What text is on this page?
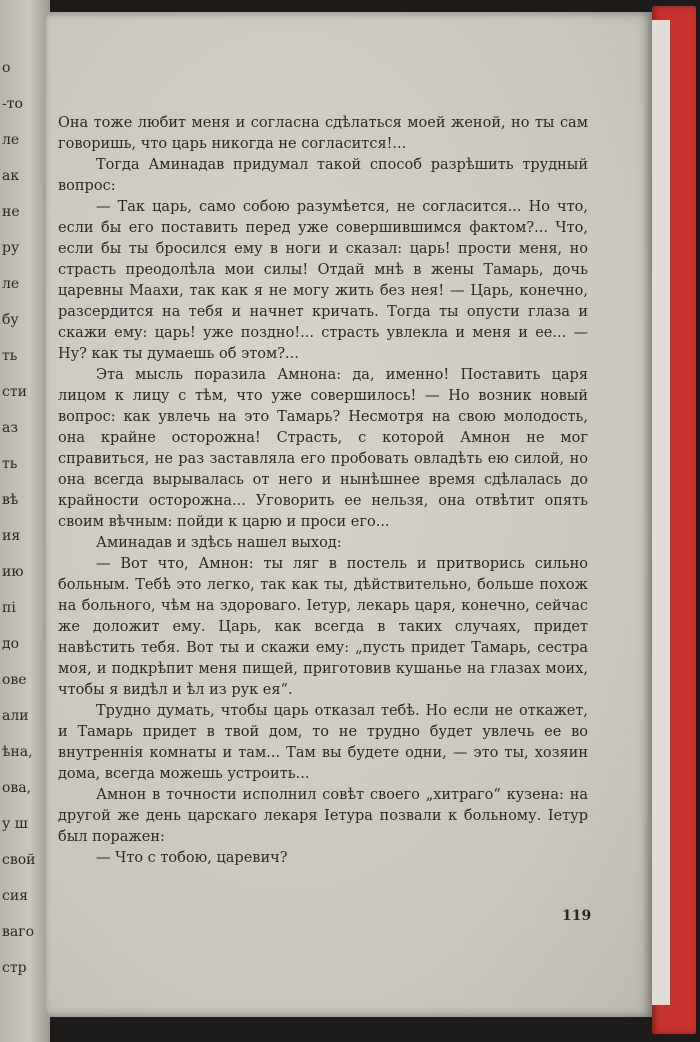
о
-то
ле
ак
не
ру
ле
бу
ть
сти
аз
ть
вѣ
ия
ию
пі
до
ове
али
ѣна,
ова,
у ш
свой
сия
ваго
стр

Она тоже любит меня и согласна сдѣлаться моей женой, но ты сам говоришь, что царь никогда не согласится!...

Тогда Аминадав придумал такой способ разрѣшить трудный вопрос:

— Так царь, само собою разумѣется, не согласится... Но что, если бы его поставить перед уже совершившимся фактом?... Что, если бы ты бросился ему в ноги и сказал: царь! прости меня, но страсть преодолѣла мои силы! Отдай мнѣ в жены Тамарь, дочь царевны Маахи, так как я не могу жить без нея! — Царь, конечно, разсердится на тебя и начнет кричать. Тогда ты опусти глаза и скажи ему: царь! уже поздно!... страсть увлекла и меня и ее... — Ну? как ты думаешь об этом?...

Эта мысль поразила Амнона: да, именно! Поставить царя лицом к лицу с тѣм, что уже совершилось! — Но возник новый вопрос: как увлечь на это Тамарь? Несмотря на свою молодость, она крайне осторожна! Страсть, с которой Амнон не мог справиться, не раз заставляла его пробовать овладѣть ею силой, но она всегда вырывалась от него и нынѣшнее время сдѣлалась до крайности осторожна... Уговорить ее нельзя, она отвѣтит опять своим вѣчным: пойди к царю и проси его...

Аминадав и здѣсь нашел выход:

— Вот что, Амнон: ты ляг в постель и притворись сильно больным. Тебѣ это легко, так как ты, дѣйствительно, больше похож на больного, чѣм на здороваго. Іетур, лекарь царя, конечно, сейчас же доложит ему. Царь, как всегда в таких случаях, придет навѣстить тебя. Вот ты и скажи ему: „пусть придет Тамарь, сестра моя, и подкрѣпит меня пищей, приготовив кушанье на глазах моих, чтобы я видѣл и ѣл из рук ея“.

Трудно думать, чтобы царь отказал тебѣ. Но если не откажет, и Тамарь придет в твой дом, то не трудно будет увлечь ее во внутреннія комнаты и там... Там вы будете одни, — это ты, хозяин дома, всегда можешь устроить...

Амнон в точности исполнил совѣт своего „хитраго“ кузена: на другой же день царскаго лекаря Іетура позвали к больному. Іетур был поражен:

— Что с тобою, царевич?

119
